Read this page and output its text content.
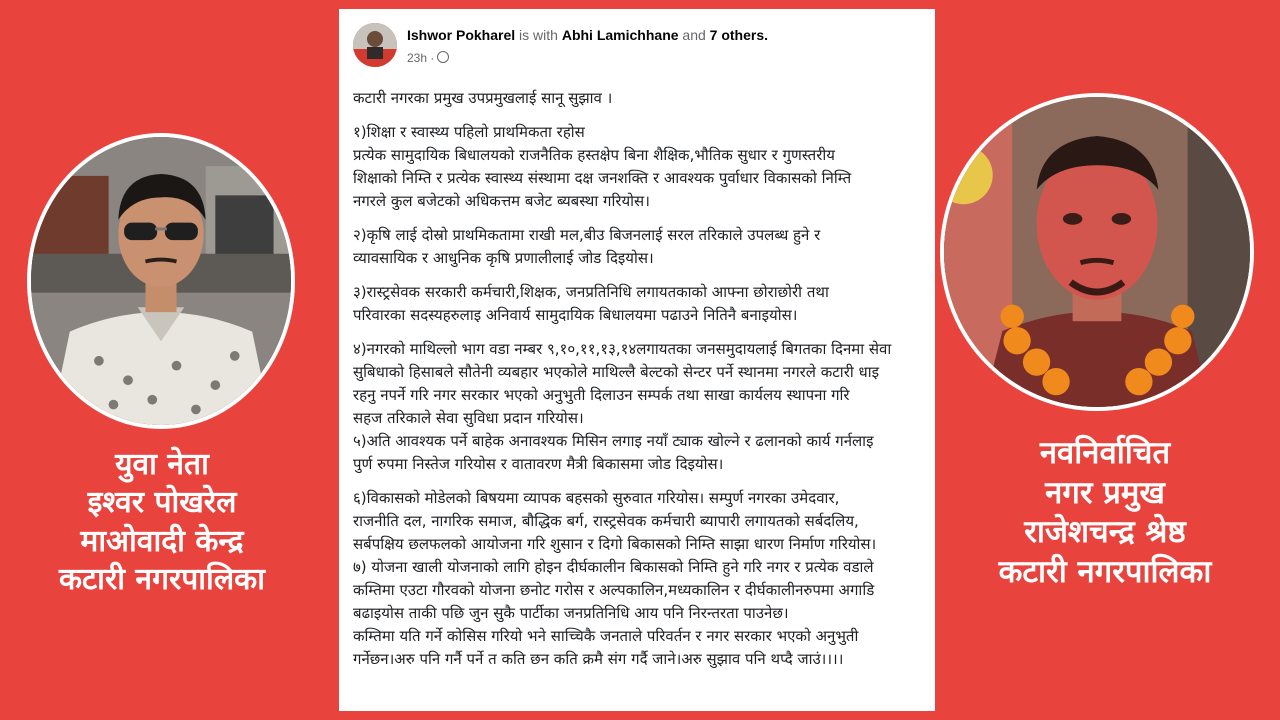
युवा नेता
इश्वर पोखरेल
माओवादी केन्द्र
कटारी नगरपालिका
नवनिर्वाचित
नगर प्रमुख
राजेशचन्द्र श्रेष्ठ
कटारी नगरपालिका
Ishwor Pokharel is with Abhi Lamichhane and 7 others.
23h ·
कटारी नगरका प्रमुख उपप्रमुखलाई सानू सुझाव ।
१)शिक्षा र स्वास्थ्य पहिलो प्राथमिकता रहोस
प्रत्येक सामुदायिक बिधालयको राजनैतिक हस्तक्षेप बिना शैक्षिक,भौतिक सुधार र गुणस्तरीय
शिक्षाको निम्ति र प्रत्येक स्वास्थ्य संस्थामा दक्ष जनशक्ति र आवश्यक पुर्वाधार विकासको निम्ति
नगरले कुल बजेटको अधिकत्तम बजेट ब्यबस्था गरियोस।
२)कृषि लाई दोस्रो प्राथमिकतामा राखी मल,बीउ बिजनलाई सरल तरिकाले उपलब्ध हुने र
व्यावसायिक र आधुनिक कृषि प्रणालीलाई जोड दिइयोस।
३)रास्ट्रसेवक सरकारी कर्मचारी,शिक्षक, जनप्रतिनिधि लगायतकाको आफ्ना छोराछोरी तथा
परिवारका सदस्यहरुलाइ अनिवार्य सामुदायिक बिधालयमा पढाउने नितिनै बनाइयोस।
४)नगरको माथिल्लो भाग वडा नम्बर ९,१०,११,१३,१४लगायतका जनसमुदायलाई बिगतका दिनमा सेवा
सुबिधाको हिसाबले सौतेनी व्यबहार भएकोले माथिल्लै बेल्टको सेन्टर पर्ने स्थानमा नगरले कटारी धाइ
रहनु नपर्ने गरि नगर सरकार भएको अनुभुती दिलाउन सम्पर्क तथा साखा कार्यलय स्थापना गरि
सहज तरिकाले सेवा सुविधा प्रदान गरियोस।
५)अति आवश्यक पर्ने बाहेक अनावश्यक मिसिन लगाइ नयाँ ट्याक खोल्ने र ढलानको कार्य गर्नलाइ
पुर्ण रुपमा निस्तेज गरियोस र वातावरण मैत्री बिकासमा जोड दिइयोस।
६)विकासको मोडेलको बिषयमा व्यापक बहसको सुरुवात गरियोस। सम्पुर्ण नगरका उमेदवार,
राजनीति दल, नागरिक समाज, बौद्धिक बर्ग, रास्ट्रसेवक कर्मचारी ब्यापारी लगायतको सर्बदलिय,
सर्बपक्षिय छलफलको आयोजना गरि शुसान र दिगो बिकासको निम्ति साझा धारण निर्माण गरियोस।
७) योजना खाली योजनाको लागि होइन दीर्घकालीन बिकासको निम्ति हुने गरि नगर र प्रत्येक वडाले
कम्तिमा एउटा गौरवको योजना छनोट गरोस र अल्पकालिन,मध्यकालिन र दीर्घकालीनरुपमा अगाडि
बढाइयोस ताकी पछि जुन सुकै पार्टीका जनप्रतिनिधि आय पनि निरन्तरता पाउनेछ।
कम्तिमा यति गर्ने कोसिस गरियो भने साच्चिकै जनताले परिवर्तन र नगर सरकार भएको अनुभुती
गर्नेछन।अरु पनि गर्नै पर्ने त कति छन कति क्रमै संग गर्दै जाने।अरु सुझाव पनि थप्दै जाउं।।।।
